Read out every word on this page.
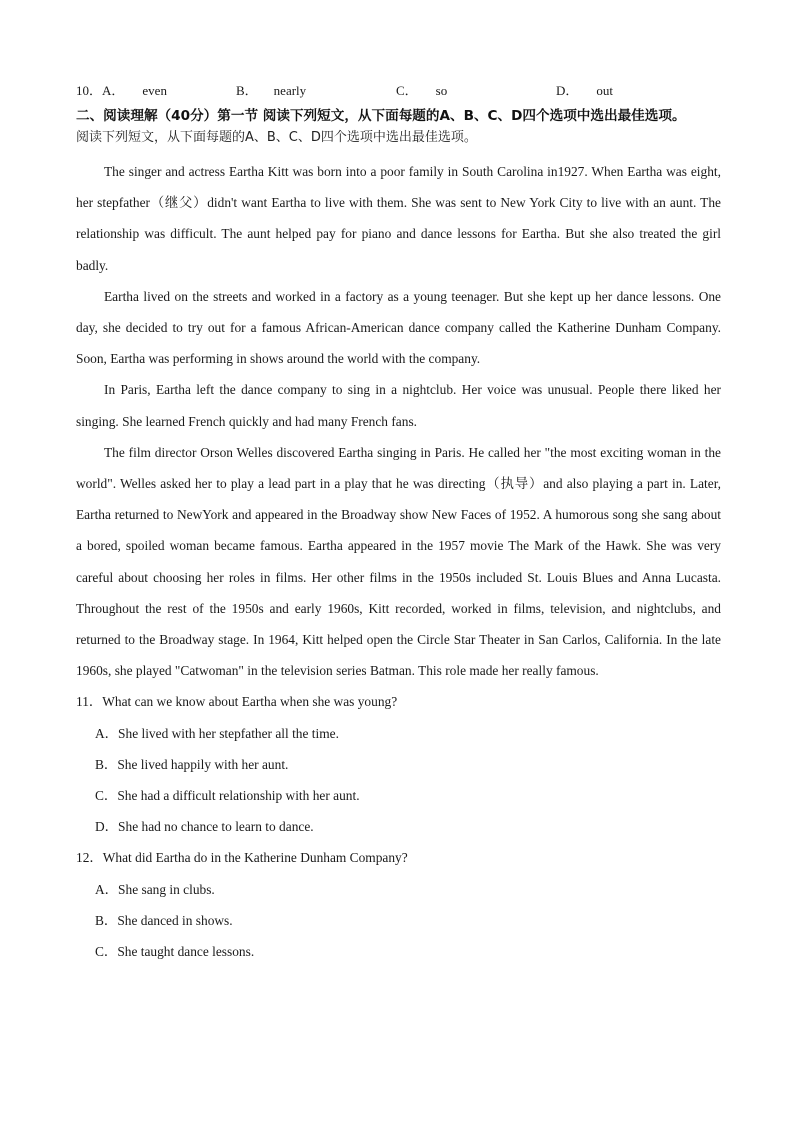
10．A． even	B． nearly	C． so	D． out
二、阅读理解（40分）第一节 阅读下列短文，从下面每题的A、B、C、D四个选项中选出最佳选项。
阅读下列短文，从下面每题的A、B、C、D四个选项中选出最佳选项。

The singer and actress Eartha Kitt was born into a poor family in South Carolina in1927. When Eartha was eight, her stepfather（继父）didn't want Eartha to live with them. She was sent to New York City to live with an aunt. The relationship was difficult. The aunt helped pay for piano and dance lessons for Eartha. But she also treated the girl badly.

Eartha lived on the streets and worked in a factory as a young teenager. But she kept up her dance lessons. One day, she decided to try out for a famous African-American dance company called the Katherine Dunham Company. Soon, Eartha was performing in shows around the world with the company.

In Paris, Eartha left the dance company to sing in a nightclub. Her voice was unusual. People there liked her singing. She learned French quickly and had many French fans.

The film director Orson Welles discovered Eartha singing in Paris. He called her "the most exciting woman in the world". Welles asked her to play a lead part in a play that he was directing（执导）and also playing a part in. Later, Eartha returned to NewYork and appeared in the Broadway show New Faces of 1952. A humorous song she sang about a bored, spoiled woman became famous. Eartha appeared in the 1957 movie The Mark of the Hawk. She was very careful about choosing her roles in films. Her other films in the 1950s included St. Louis Blues and Anna Lucasta. Throughout the rest of the 1950s and early 1960s, Kitt recorded, worked in films, television, and nightclubs, and returned to the Broadway stage. In 1964, Kitt helped open the Circle Star Theater in San Carlos, California. In the late 1960s, she played "Catwoman" in the television series Batman. This role made her really famous.

11．What can we know about Eartha when she was young?

A．She lived with her stepfather all the time.

B．She lived happily with her aunt.

C．She had a difficult relationship with her aunt.

D．She had no chance to learn to dance.

12．What did Eartha do in the Katherine Dunham Company?

A．She sang in clubs.

B．She danced in shows.

C．She taught dance lessons.
